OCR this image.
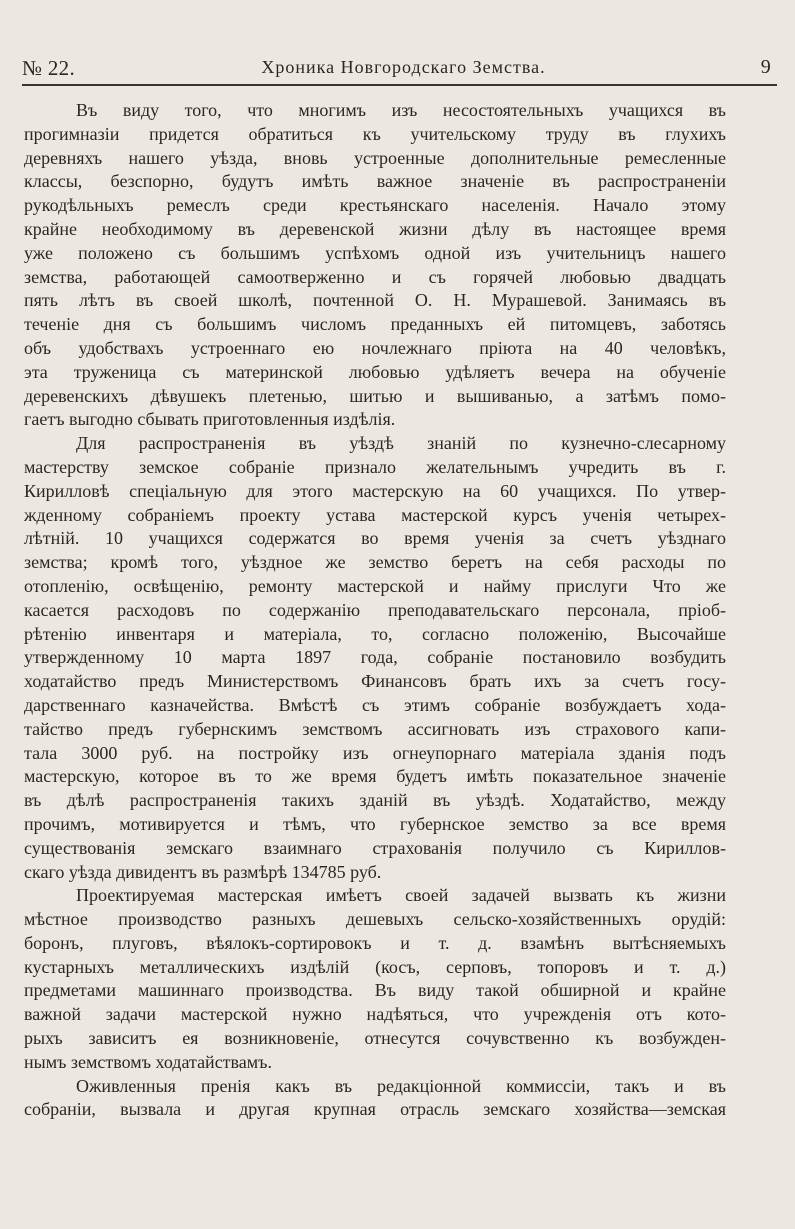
№ 22.	Хроника Новгородскаго Земства.	9
Въ виду того, что многимъ изъ несостоятельныхъ учащихся въ
прогимназіи придется обратиться къ учительскому труду въ глухихъ
деревняхъ нашего уѣзда, вновь устроенные дополнительные ремесленные
классы, безспорно, будутъ имѣть важное значеніе въ распространеніи
рукодѣльныхъ ремеслъ среди крестьянскаго населенія. Начало этому
крайне необходимому въ деревенской жизни дѣлу въ настоящее время
уже положено съ большимъ успѣхомъ одной изъ учительницъ нашего
земства, работающей самоотверженно и съ горячей любовью двадцать
пять лѣтъ въ своей школѣ, почтенной О. Н. Мурашевой. Занимаясь въ
теченіе дня съ большимъ числомъ преданныхъ ей питомцевъ, заботясь
объ удобствахъ устроеннаго ею ночлежнаго пріюта на 40 человѣкъ,
эта труженица съ материнской любовью удѣляетъ вечера на обученіе
деревенскихъ дѣвушекъ плетенью, шитью и вышиванью, а затѣмъ помо-
гаетъ выгодно сбывать приготовленныя издѣлія.
Для распространенія въ уѣздѣ знаній по кузнечно-слесарному
мастерству земское собраніе признало желательнымъ учредить въ г.
Кирилловѣ спеціальную для этого мастерскую на 60 учащихся. По утвер-
жденному собраніемъ проекту устава мастерской курсъ ученія четырех-
лѣтній. 10 учащихся содержатся во время ученія за счетъ уѣзднаго
земства; кромѣ того, уѣздное же земство беретъ на себя расходы по
отопленію, освѣщенію, ремонту мастерской и найму прислуги Что же
касается расходовъ по содержанію преподавательскаго персонала, пріоб-
рѣтенію инвентаря и матеріала, то, согласно положенію, Высочайше
утвержденному 10 марта 1897 года, собраніе постановило возбудить
ходатайство предъ Министерствомъ Финансовъ брать ихъ за счетъ госу-
дарственнаго казначейства. Вмѣстѣ съ этимъ собраніе возбуждаетъ хода-
тайство предъ губернскимъ земствомъ ассигновать изъ страхового капи-
тала 3000 руб. на постройку изъ огнеупорнаго матеріала зданія подъ
мастерскую, которое въ то же время будетъ имѣть показательное значеніе
въ дѣлѣ распространенія такихъ зданій въ уѣздѣ. Ходатайство, между
прочимъ, мотивируется и тѣмъ, что губернское земство за все время
существованія земскаго взаимнаго страхованія получило съ Кириллов-
скаго уѣзда дивидентъ въ размѣрѣ 134785 руб.
Проектируемая мастерская имѣетъ своей задачей вызвать къ жизни
мѣстное производство разныхъ дешевыхъ сельско-хозяйственныхъ орудій:
боронъ, плуговъ, вѣялокъ-сортировокъ и т. д. взамѣнъ вытѣсняемыхъ
кустарныхъ металлическихъ издѣлій (косъ, серповъ, топоровъ и т. д.)
предметами машиннаго производства. Въ виду такой обширной и крайне
важной задачи мастерской нужно надѣяться, что учрежденія отъ кото-
рыхъ зависитъ ея возникновеніе, отнесутся сочувственно къ возбужден-
нымъ земствомъ ходатайствамъ.
Оживленныя пренія какъ въ редакціонной коммиссіи, такъ и въ
собраніи, вызвала и другая крупная отрасль земскаго хозяйства—земская
